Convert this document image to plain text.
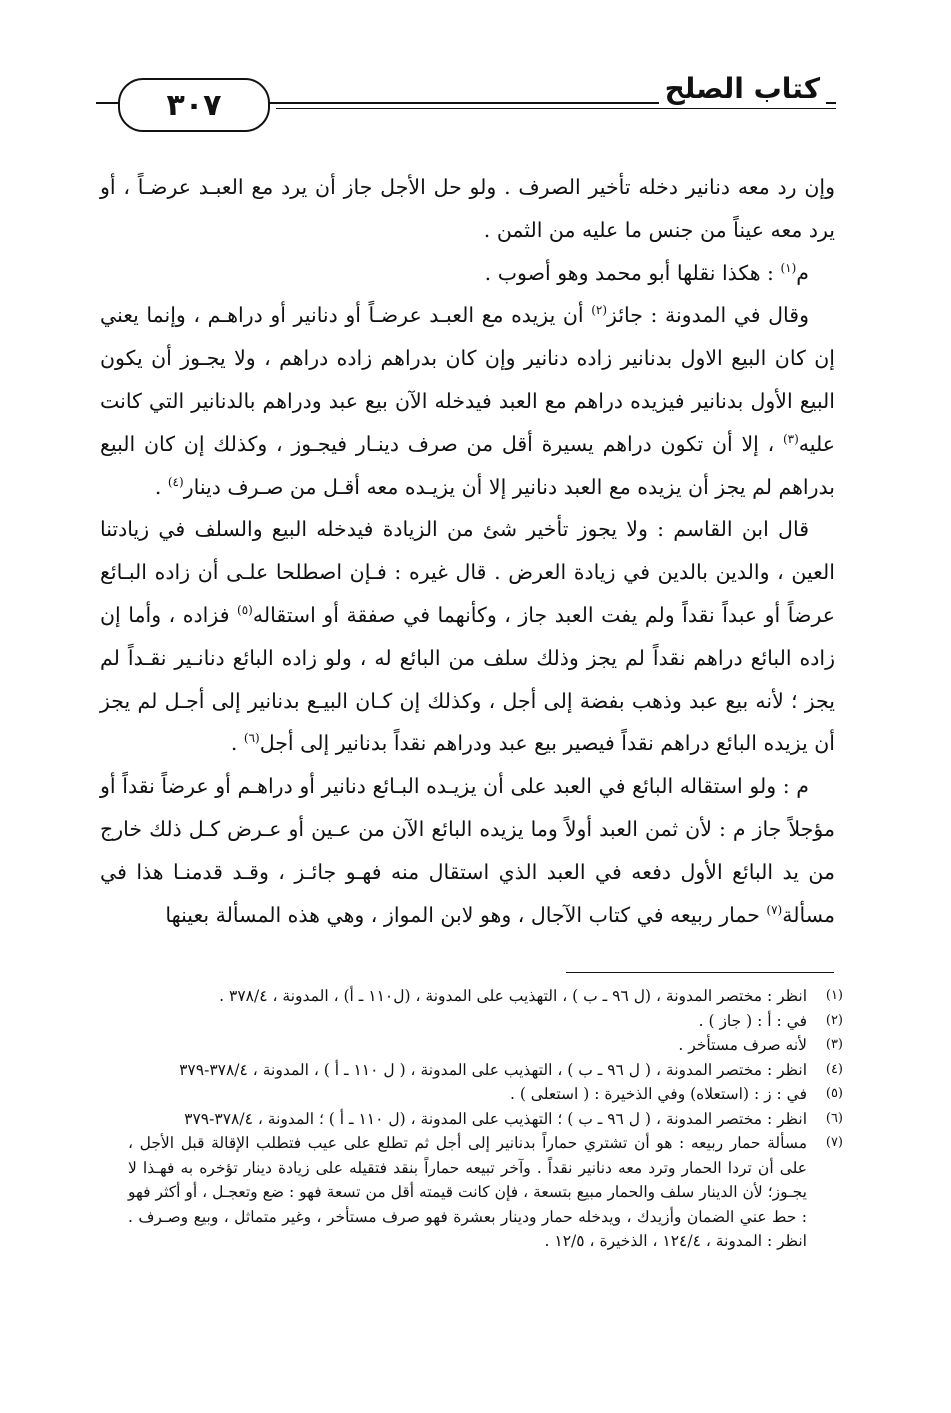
٣٠٧	كتاب الصلح

وإن رد معه دنانير دخله تأخير الصرف . ولو حل الأجل جاز أن يرد مع العبـد عرضـاً ، أو يرد معه عيناً من جنس ما عليه من الثمن .

م$^{(١)}$ : هكذا نقلها أبو محمد وهو أصوب .

وقال في المدونة : جائز$^{(٢)}$ أن يزيده مع العبـد عرضـاً أو دنانير أو دراهـم ، وإنما يعني إن كان البيع الاول بدنانير زاده دنانير وإن كان بدراهم زاده دراهم ، ولا يجـوز أن يكون البيع الأول بدنانير فيزيده دراهم مع العبد فيدخله الآن بيع عبد ودراهم بالدنانير التي كانت عليه$^{(٣)}$ ، إلا أن تكون دراهم يسيرة أقل من صرف دينـار فيجـوز ، وكذلك إن كان البيع بدراهم لم يجز أن يزيده مع العبد دنانير إلا أن يزيـده معه أقـل من صـرف دينار$^{(٤)}$ .

قال ابن القاسم : ولا يجوز تأخير شئ من الزيادة فيدخله البيع والسلف في زيادتنا العين ، والدين بالدين في زيادة العرض . قال غيره : فـإن اصطلحا علـى أن زاده البـائع عرضاً أو عبداً نقداً ولم يفت العبد جاز ، وكأنهما في صفقة أو استقاله$^{(٥)}$ فزاده ، وأما إن زاده البائع دراهم نقداً لم يجز وذلك سلف من البائع له ، ولو زاده البائع دنانـير نقـداً لم يجز ؛ لأنه بيع عبد وذهب بفضة إلى أجل ، وكذلك إن كـان البيـع بدنانير إلى أجـل لم يجز أن يزيده البائع دراهم نقداً فيصير بيع عبد ودراهم نقداً بدنانير إلى أجل$^{(٦)}$ .

م : ولو استقاله البائع في العبد على أن يزيـده البـائع دنانير أو دراهـم أو عرضاً نقداً أو مؤجلاً جاز م : لأن ثمن العبد أولاً وما يزيده البائع الآن من عـين أو عـرض كـل ذلك خارج من يد البائع الأول دفعه في العبد الذي استقال منه فهـو جائـز ، وقـد قدمنـا هذا في مسألة$^{(٧)}$ حمار ربيعه في كتاب الآجال ، وهو لابن المواز ، وهي هذه المسألة بعينها

(١)
انظر : مختصر المدونة ، (ل ٩٦ ـ ب ) ، التهذيب على المدونة ، (ل١١٠ ـ أ) ، المدونة ، ٣٧٨/٤ .
(٢)
في : أ : ( جاز ) .
(٣)
لأنه صرف مستأخر .
(٤)
انظر : مختصر المدونة ، ( ل ٩٦ ـ ب ) ، التهذيب على المدونة ، ( ل ١١٠ ـ أ ) ، المدونة ، ٣٧٨/٤-٣٧٩
(٥)
في : ز : (استعلاه) وفي الذخيرة : ( استعلى ) .
(٦)
انظر : مختصر المدونة ، ( ل ٩٦ ـ ب ) ؛ التهذيب على المدونة ، (ل ١١٠ ـ أ ) ؛ المدونة ، ٣٧٨/٤-٣٧٩
(٧)
مسألة حمار ربيعه : هو أن تشتري حماراً بدنانير إلى أجل ثم تطلع على عيب فتطلب الإقالة قبل الأجل ، على أن تردا الحمار وترد معه دنانير نقداً . وآخر تبيعه حماراً بنقد فتقيله على زيادة دينار تؤخره به فهـذا لا يجـوز؛ لأن الدينار سلف والحمار مبيع بتسعة ، فإن كانت قيمته أقل من تسعة فهو : ضع وتعجـل ، أو أكثر فهو : حط عني الضمان وأزيدك ، ويدخله حمار ودينار بعشرة فهو صرف مستأخر ، وغير متماثل ، وبيع وصـرف . انظر : المدونة ، ١٢٤/٤ ، الذخيرة ، ١٢/٥ .
